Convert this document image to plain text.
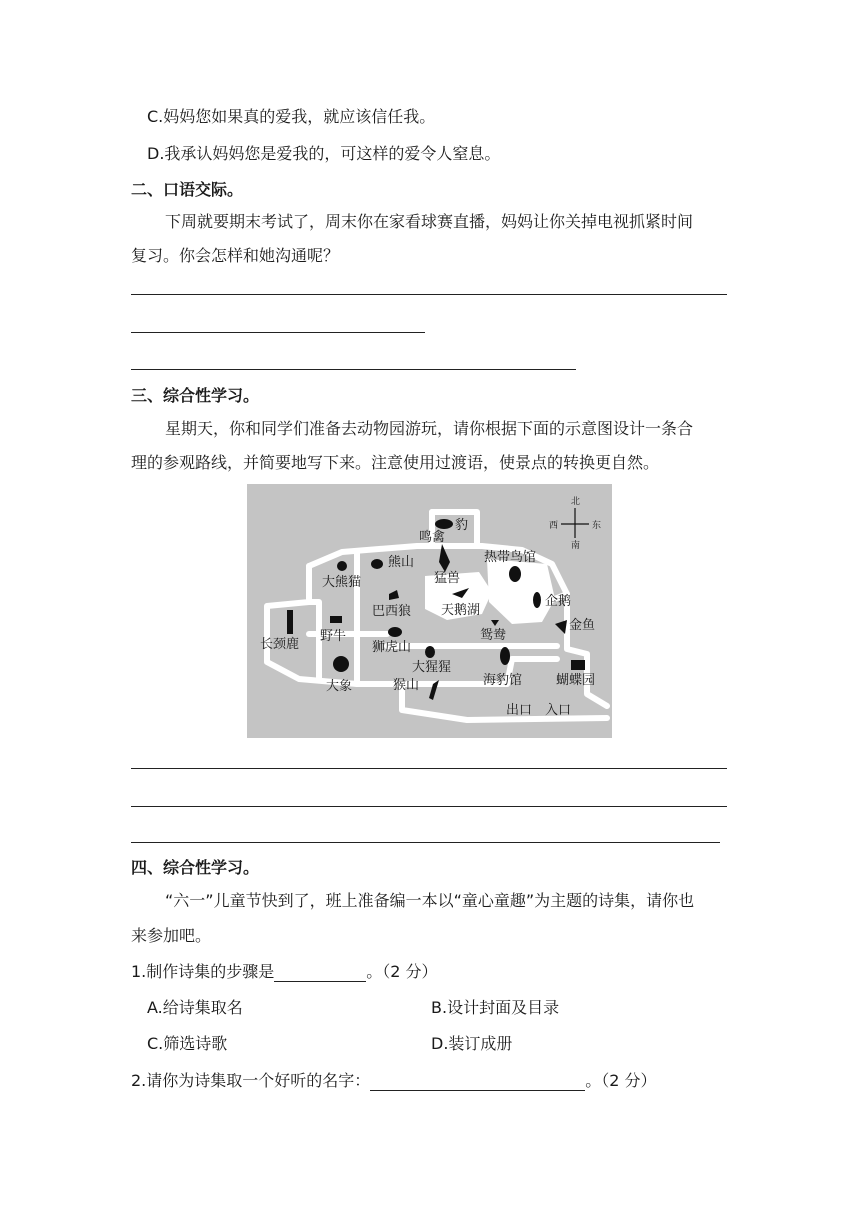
C.妈妈您如果真的爱我，就应该信任我。
D.我承认妈妈您是爱我的，可这样的爱令人窒息。
二、口语交际。
下周就要期末考试了，周末你在家看球赛直播，妈妈让你关掉电视抓紧时间
复习。你会怎样和她沟通呢？
三、综合性学习。
星期天，你和同学们准备去动物园游玩，请你根据下面的示意图设计一条合
理的参观路线，并简要地写下来。注意使用过渡语，使景点的转换更自然。
北
南
西	东
豹
鸣禽
熊山
大熊猫	猛兽
热带鸟馆
企鹅
巴西狼 天鹅湖
长颈鹿
野牛
狮虎山
鸳鸯
金鱼
大象
大猩猩
猴山	海豹馆	蝴蝶园
出口 入口
四、综合性学习。
“六一”儿童节快到了，班上准备编一本以“童心童趣”为主题的诗集，请你也
来参加吧。
1.制作诗集的步骤是	。（2 分）
A.给诗集取名	B.设计封面及目录
C.筛选诗歌	D.装订成册
2.请你为诗集取一个好听的名字：	。（2 分）
